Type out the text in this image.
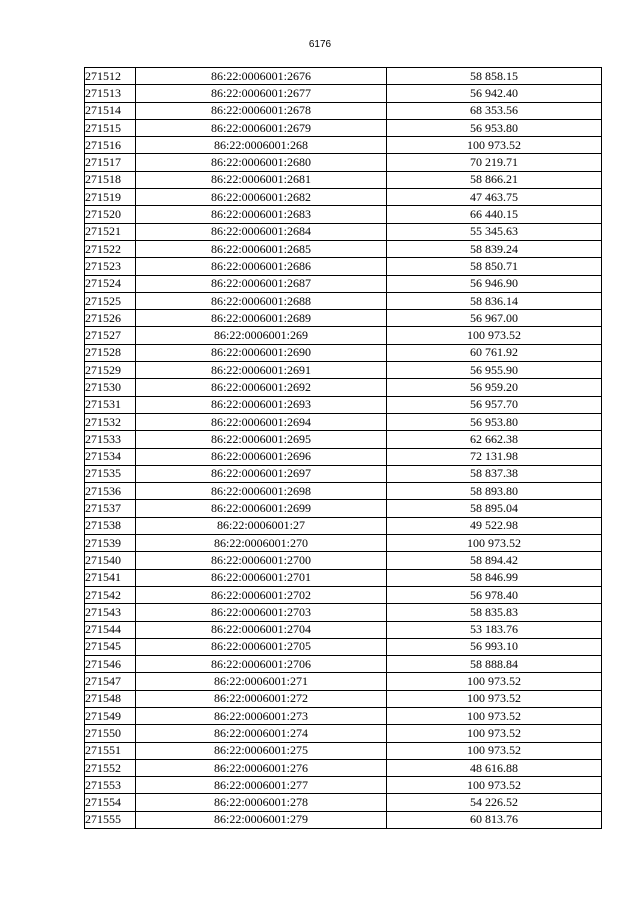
6176
271512	86:22:0006001:2676	58 858.15
271513	86:22:0006001:2677	56 942.40
271514	86:22:0006001:2678	68 353.56
271515	86:22:0006001:2679	56 953.80
271516	86:22:0006001:268	100 973.52
271517	86:22:0006001:2680	70 219.71
271518	86:22:0006001:2681	58 866.21
271519	86:22:0006001:2682	47 463.75
271520	86:22:0006001:2683	66 440.15
271521	86:22:0006001:2684	55 345.63
271522	86:22:0006001:2685	58 839.24
271523	86:22:0006001:2686	58 850.71
271524	86:22:0006001:2687	56 946.90
271525	86:22:0006001:2688	58 836.14
271526	86:22:0006001:2689	56 967.00
271527	86:22:0006001:269	100 973.52
271528	86:22:0006001:2690	60 761.92
271529	86:22:0006001:2691	56 955.90
271530	86:22:0006001:2692	56 959.20
271531	86:22:0006001:2693	56 957.70
271532	86:22:0006001:2694	56 953.80
271533	86:22:0006001:2695	62 662.38
271534	86:22:0006001:2696	72 131.98
271535	86:22:0006001:2697	58 837.38
271536	86:22:0006001:2698	58 893.80
271537	86:22:0006001:2699	58 895.04
271538	86:22:0006001:27	49 522.98
271539	86:22:0006001:270	100 973.52
271540	86:22:0006001:2700	58 894.42
271541	86:22:0006001:2701	58 846.99
271542	86:22:0006001:2702	56 978.40
271543	86:22:0006001:2703	58 835.83
271544	86:22:0006001:2704	53 183.76
271545	86:22:0006001:2705	56 993.10
271546	86:22:0006001:2706	58 888.84
271547	86:22:0006001:271	100 973.52
271548	86:22:0006001:272	100 973.52
271549	86:22:0006001:273	100 973.52
271550	86:22:0006001:274	100 973.52
271551	86:22:0006001:275	100 973.52
271552	86:22:0006001:276	48 616.88
271553	86:22:0006001:277	100 973.52
271554	86:22:0006001:278	54 226.52
271555	86:22:0006001:279	60 813.76
